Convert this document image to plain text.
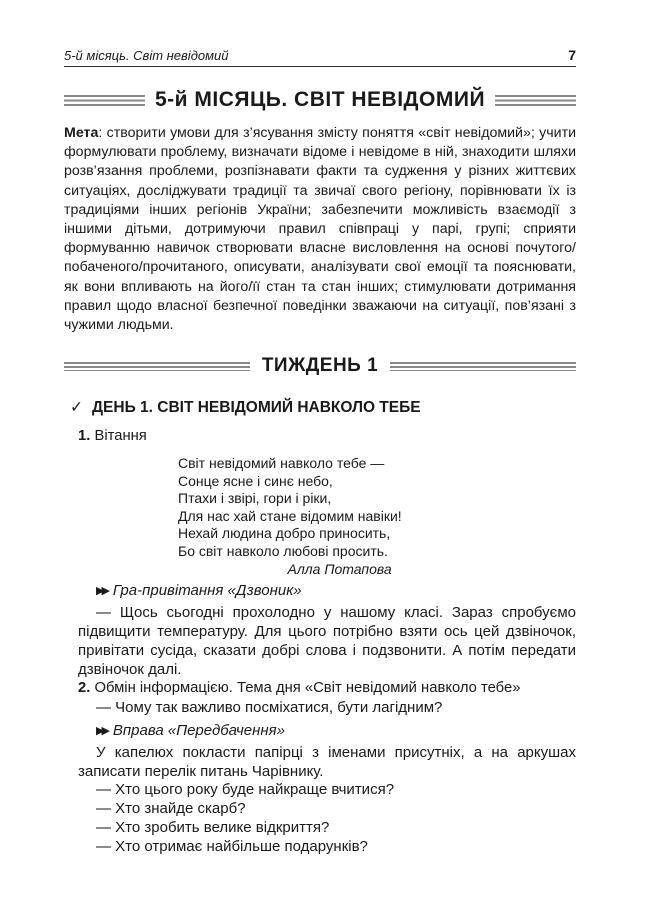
5-й місяць. Світ невідомий	7
5-й МІСЯЦЬ. СВІТ НЕВІДОМИЙ
Мета: створити умови для з’ясування змісту поняття «світ невідомий»; учити формулювати проблему, визначати відоме і невідоме в ній, знаходити шляхи розв’язання проблеми, розпізнавати факти та судження у різних життєвих ситуаціях, досліджувати традиції та звичаї свого регіону, порівнювати їх із традиціями інших регіонів України; забезпечити можливість взаємодії з іншими дітьми, дотримуючи правил співпраці у парі, групі; сприяти формуванню навичок створювати власне висловлення на основі почутого/побаченого/прочитаного, описувати, аналізувати свої емоції та пояснювати, як вони впливають на його/її стан та стан інших; стимулювати дотримання правил щодо власної безпечної поведінки зважаючи на ситуації, пов’язані з чужими людьми.
ТИЖДЕНЬ 1
✓ ДЕНЬ 1. СВІТ НЕВІДОМИЙ НАВКОЛО ТЕБЕ
1. Вітання
Світ невідомий навколо тебе —
Сонце ясне і синє небо,
Птахи і звірі, гори і ріки,
Для нас хай стане відомим навіки!
Нехай людина добро приносить,
Бо світ навколо любові просить.
Алла Потапова
▶▶ Гра-привітання «Дзвоник»
— Щось сьогодні прохолодно у нашому класі. Зараз спробуємо підвищити температуру. Для цього потрібно взяти ось цей дзвіночок, привітати сусіда, сказати добрі слова і подзвонити. А потім передати дзвіночок далі.
2. Обмін інформацією. Тема дня «Світ невідомий навколо тебе»
— Чому так важливо посміхатися, бути лагідним?
▶▶ Вправа «Передбачення»
У капелюх покласти папірці з іменами присутніх, а на аркушах записати перелік питань Чарівнику.
— Хто цього року буде найкраще вчитися?
— Хто знайде скарб?
— Хто зробить велике відкриття?
— Хто отримає найбільше подарунків?
